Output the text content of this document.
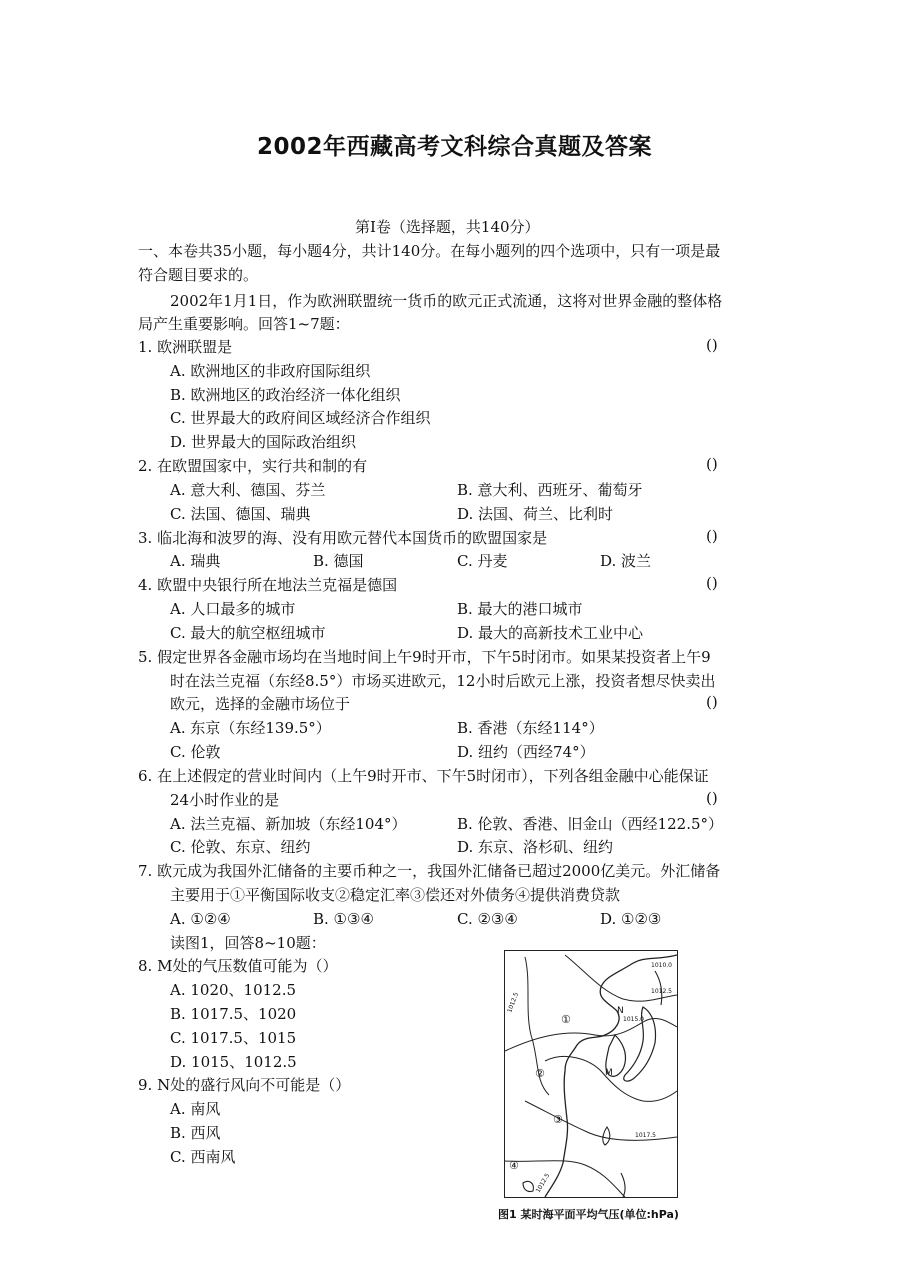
2002年西藏高考文科综合真题及答案
第Ⅰ卷（选择题，共140分）
一、本卷共35小题，每小题4分，共计140分。在每小题列的四个选项中，只有一项是最
符合题目要求的。
2002年1月1日，作为欧洲联盟统一货币的欧元正式流通，这将对世界金融的整体格
局产生重要影响。回答1~7题：
1. 欧洲联盟是	()
A. 欧洲地区的非政府国际组织
B. 欧洲地区的政治经济一体化组织
C. 世界最大的政府间区域经济合作组织
D. 世界最大的国际政治组织
2. 在欧盟国家中，实行共和制的有	()
A. 意大利、德国、芬兰	B. 意大利、西班牙、葡萄牙
C. 法国、德国、瑞典	D. 法国、荷兰、比利时
3. 临北海和波罗的海、没有用欧元替代本国货币的欧盟国家是	()
A. 瑞典	B. 德国	C. 丹麦	D. 波兰
4. 欧盟中央银行所在地法兰克福是德国	()
A. 人口最多的城市	B. 最大的港口城市
C. 最大的航空枢纽城市	D. 最大的高新技术工业中心
5. 假定世界各金融市场均在当地时间上午9时开市，下午5时闭市。如果某投资者上午9
时在法兰克福（东经8.5°）市场买进欧元，12小时后欧元上涨，投资者想尽快卖出
欧元，选择的金融市场位于	()
A. 东京（东经139.5°）	B. 香港（东经114°）
C. 伦敦	D. 纽约（西经74°）
6. 在上述假定的营业时间内（上午9时开市、下午5时闭市），下列各组金融中心能保证
24小时作业的是	()
A. 法兰克福、新加坡（东经104°）	B. 伦敦、香港、旧金山（西经122.5°）
C. 伦敦、东京、纽约	D. 东京、洛杉矶、纽约
7. 欧元成为我国外汇储备的主要币种之一，我国外汇储备已超过2000亿美元。外汇储备
主要用于①平衡国际收支②稳定汇率③偿还对外债务④提供消费贷款
A. ①②④	B. ①③④	C. ②③④	D. ①②③
读图1，回答8~10题：
8. M处的气压数值可能为（）
A. 1020、1012.5
B. 1017.5、1020
C. 1017.5、1015
D. 1015、1012.5
9. N处的盛行风向不可能是（）
A. 南风
B. 西风
C. 西南风
1010.0
1012.5
1015.0
1017.5
1012.5
1012.5
①
②
③
④
M
N
图1 某时海平面平均气压(单位:hPa)
